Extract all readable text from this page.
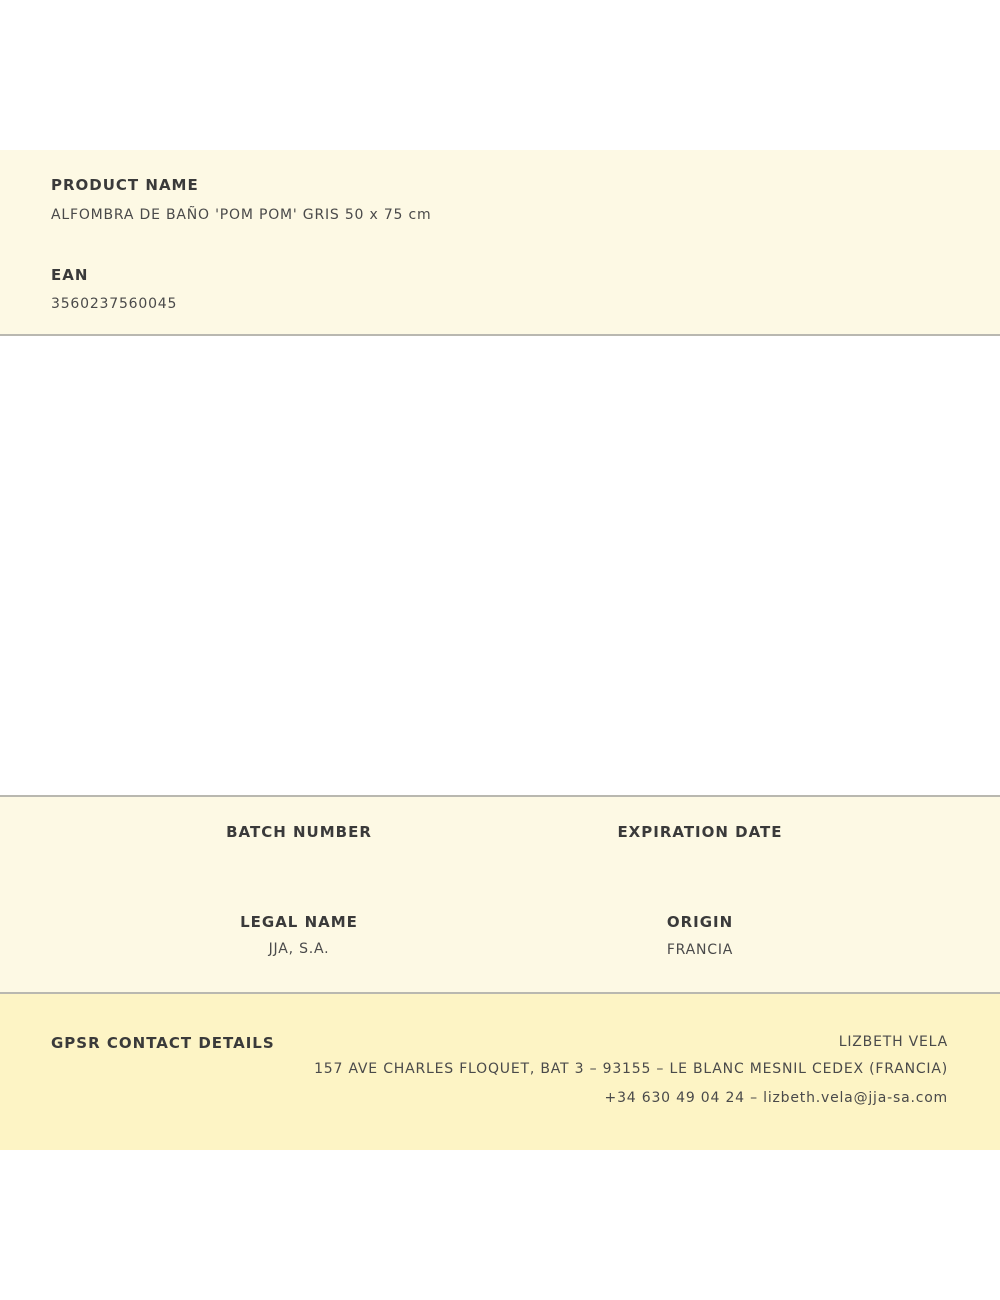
PRODUCT NAME
ALFOMBRA DE BAÑO 'POM POM' GRIS 50 x 75 cm
EAN
3560237560045
BATCH NUMBER	EXPIRATION DATE
LEGAL NAME
JJA, S.A.
ORIGIN
FRANCIA
GPSR CONTACT DETAILS	LIZBETH VELA
157 AVE CHARLES FLOQUET, BAT 3 – 93155 – LE BLANC MESNIL CEDEX (FRANCIA)
+34 630 49 04 24 – lizbeth.vela@jja-sa.com
